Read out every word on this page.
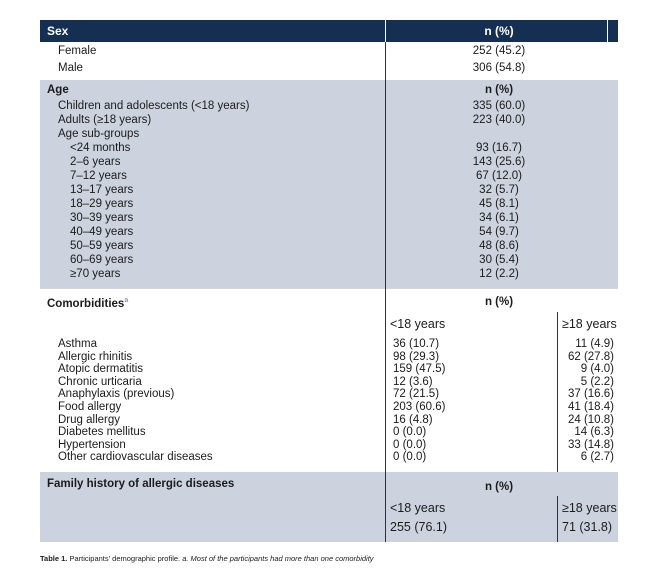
Sex	n (%)
Female	252 (45.2)
Male	306 (54.8)
Age	n (%)
Children and adolescents (<18 years)	335 (60.0)
Adults (≥18 years)	223 (40.0)
Age sub-groups
<24 months	93 (16.7)
2–6 years	143 (25.6)
7–12 years	67 (12.0)
13–17 years	32 (5.7)
18–29 years	45 (8.1)
30–39 years	34 (6.1)
40–49 years	54 (9.7)
50–59 years	48 (8.6)
60–69 years	30 (5.4)
≥70 years	12 (2.2)
Comorbidities$^a$	n (%)
<18 years	≥18 years
Asthma	36 (10.7)	11 (4.9)
Allergic rhinitis	98 (29.3)	62 (27.8)
Atopic dermatitis	159 (47.5)	9 (4.0)
Chronic urticaria	12 (3.6)	5 (2.2)
Anaphylaxis (previous)	72 (21.5)	37 (16.6)
Food allergy	203 (60.6)	41 (18.4)
Drug allergy	16 (4.8)	24 (10.8)
Diabetes mellitus	0 (0.0)	14 (6.3)
Hypertension	0 (0.0)	33 (14.8)
Other cardiovascular diseases	0 (0.0)	6 (2.7)
Family history of allergic diseases	n (%)
<18 years	≥18 years
255 (76.1)	71 (31.8)
Table 1. Participants' demographic profile. a. Most of the participants had more than one comorbidity
